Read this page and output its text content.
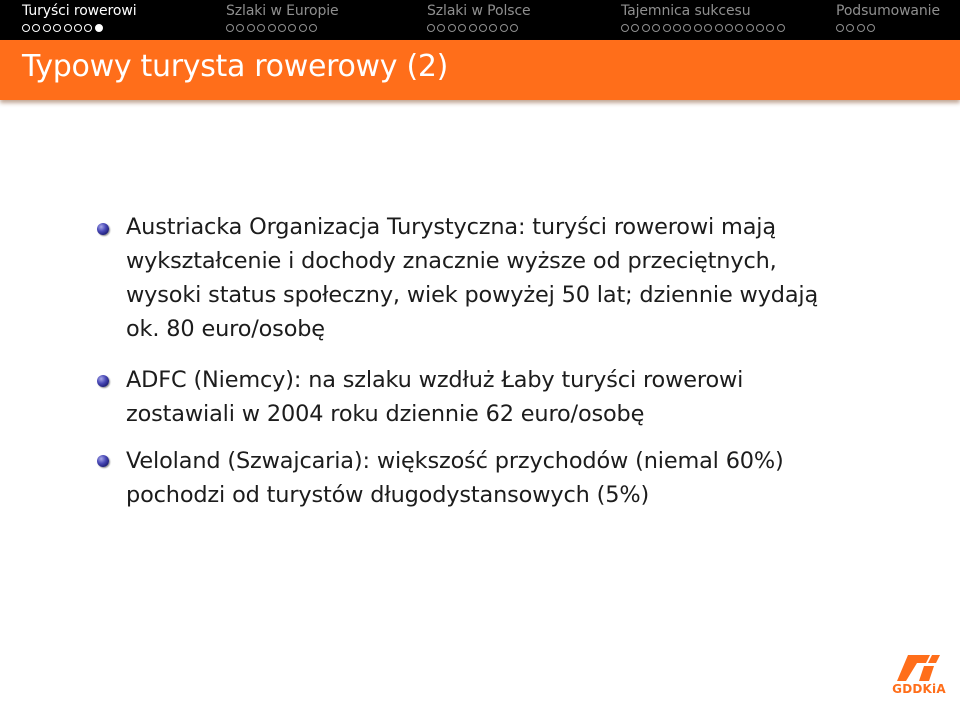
Turyści rowerowi	Szlaki w Europie	Szlaki w Polsce	Tajemnica sukcesu	Podsumowanie
Typowy turysta rowerowy (2)
Austriacka Organizacja Turystyczna: turyści rowerowi mają
wykształcenie i dochody znacznie wyższe od przeciętnych,
wysoki status społeczny, wiek powyżej 50 lat; dziennie wydają
ok. 80 euro/osobę
ADFC (Niemcy): na szlaku wzdłuż Łaby turyści rowerowi
zostawiali w 2004 roku dziennie 62 euro/osobę
Veloland (Szwajcaria): większość przychodów (niemal 60%)
pochodzi od turystów długodystansowych (5%)
GDDKiA
